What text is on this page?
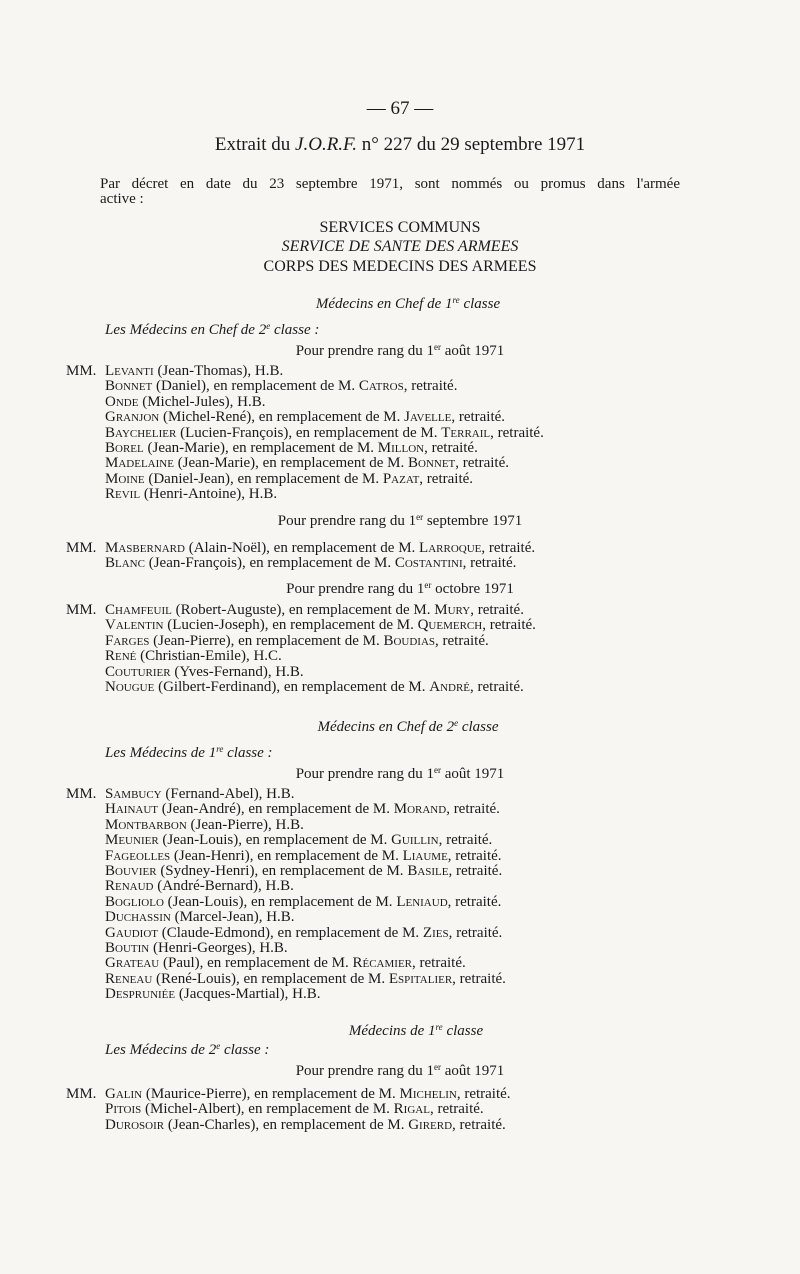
— 67 —
Extrait du J.O.R.F. n° 227 du 29 septembre 1971
Par décret en date du 23 septembre 1971, sont nommés ou promus dans l'armée
active :
SERVICES COMMUNS
SERVICE DE SANTE DES ARMEES
CORPS DES MEDECINS DES ARMEES
Médecins en Chef de 1re classe
Les Médecins en Chef de 2e classe :
Pour prendre rang du 1er août 1971
MM. Levanti (Jean-Thomas), H.B.
Bonnet (Daniel), en remplacement de M. Catros , retraité.
Onde (Michel-Jules), H.B.
Granjon (Michel-René), en remplacement de M. Javelle , retraité.
Baychelier (Lucien-François), en remplacement de M. Terrail , retraité.
Borel (Jean-Marie), en remplacement de M. Millon , retraité.
Madelaine (Jean-Marie), en remplacement de M. Bonnet , retraité.
Moine (Daniel-Jean), en remplacement de M. Pazat , retraité.
Revil (Henri-Antoine), H.B.
Pour prendre rang du 1er septembre 1971
MM. Masbernard (Alain-Noël), en remplacement de M. Larroque , retraité.
Blanc (Jean-François), en remplacement de M. Costantini , retraité.
Pour prendre rang du 1er octobre 1971
MM. Chamfeuil (Robert-Auguste), en remplacement de M. Mury , retraité.
Valentin (Lucien-Joseph), en remplacement de M. Quemerch , retraité.
Farges (Jean-Pierre), en remplacement de M. Boudias , retraité.
René (Christian-Emile), H.C.
Couturier (Yves-Fernand), H.B.
Nougue (Gilbert-Ferdinand), en remplacement de M. André , retraité.
Médecins en Chef de 2e classe
Les Médecins de 1re classe :
Pour prendre rang du 1er août 1971
MM. Sambucy (Fernand-Abel), H.B.
Hainaut (Jean-André), en remplacement de M. Morand , retraité.
Montbarbon (Jean-Pierre), H.B.
Meunier (Jean-Louis), en remplacement de M. Guillin , retraité.
Fageolles (Jean-Henri), en remplacement de M. Liaume , retraité.
Bouvier (Sydney-Henri), en remplacement de M. Basile , retraité.
Renaud (André-Bernard), H.B.
Bogliolo (Jean-Louis), en remplacement de M. Leniaud , retraité.
Duchassin (Marcel-Jean), H.B.
Gaudiot (Claude-Edmond), en remplacement de M. Zies , retraité.
Boutin (Henri-Georges), H.B.
Grateau (Paul), en remplacement de M. Récamier , retraité.
Reneau (René-Louis), en remplacement de M. Espitalier , retraité.
Despruniée (Jacques-Martial), H.B.
Médecins de 1re classe
Les Médecins de 2e classe :
Pour prendre rang du 1er août 1971
MM. Galin (Maurice-Pierre), en remplacement de M. Michelin , retraité.
Pitois (Michel-Albert), en remplacement de M. Rigal , retraité.
Durosoir (Jean-Charles), en remplacement de M. Girerd , retraité.
